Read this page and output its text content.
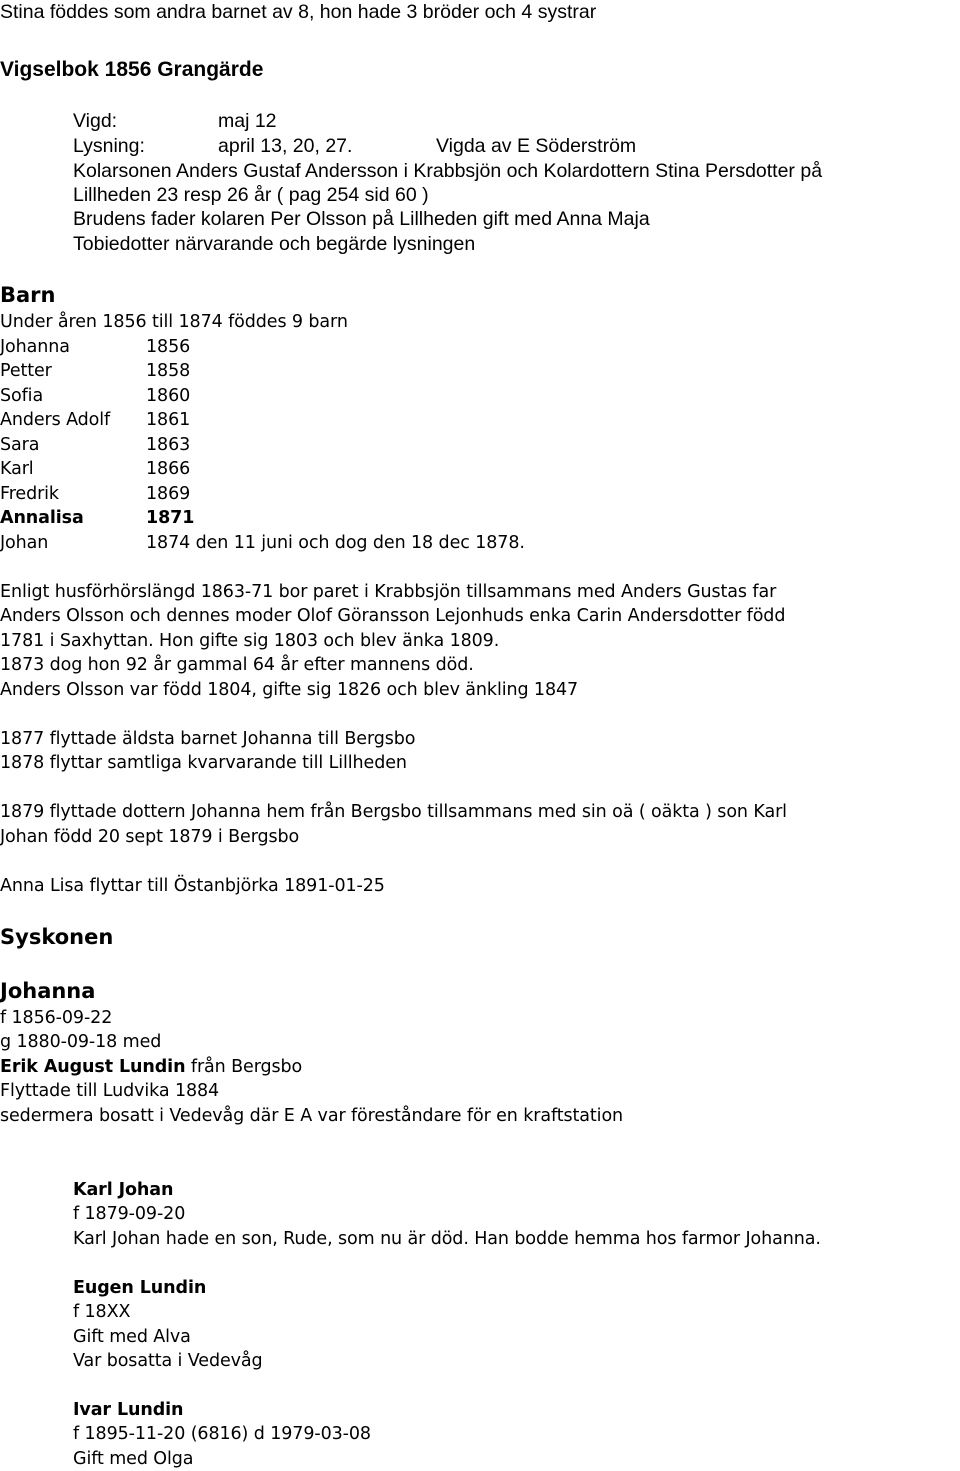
Stina föddes som andra barnet av 8, hon hade 3 bröder och 4 systrar
Vigselbok 1856 Grangärde
Vigd:	maj 12
Lysning:	april 13, 20, 27.	Vigda av E Söderström
Kolarsonen Anders Gustaf Andersson i Krabbsjön och Kolardottern Stina Persdotter på
Lillheden 23 resp 26 år ( pag 254 sid 60 )
Brudens fader kolaren Per Olsson på Lillheden gift med Anna Maja
Tobiedotter närvarande och begärde lysningen
Barn
Under åren 1856 till 1874 föddes 9 barn
Johanna	1856
Petter	1858
Sofia	1860
Anders Adolf 1861
Sara	1863
Karl	1866
Fredrik	1869
Annalisa	1871
Johan	1874 den 11 juni och dog den 18 dec 1878.
Enligt husförhörslängd 1863-71 bor paret i Krabbsjön tillsammans med Anders Gustas far
Anders Olsson och dennes moder Olof Göransson Lejonhuds enka Carin Andersdotter född
1781 i Saxhyttan. Hon gifte sig 1803 och blev änka 1809.
1873 dog hon 92 år gammal 64 år efter mannens död.
Anders Olsson var född 1804, gifte sig 1826 och blev änkling 1847
1877 flyttade äldsta barnet Johanna till Bergsbo
1878 flyttar samtliga kvarvarande till Lillheden
1879 flyttade dottern Johanna hem från Bergsbo tillsammans med sin oä ( oäkta ) son Karl
Johan född 20 sept 1879 i Bergsbo
Anna Lisa flyttar till Östanbjörka 1891-01-25
Syskonen
Johanna
f 1856-09-22
g 1880-09-18 med
Erik August Lundin från Bergsbo
Flyttade till Ludvika 1884
sedermera bosatt i Vedevåg där E A var föreståndare för en kraftstation
Karl Johan
f 1879-09-20
Karl Johan hade en son, Rude, som nu är död. Han bodde hemma hos farmor Johanna.
Eugen Lundin
f 18XX
Gift med Alva
Var bosatta i Vedevåg
Ivar Lundin
f 1895-11-20 (6816) d 1979-03-08
Gift med Olga
